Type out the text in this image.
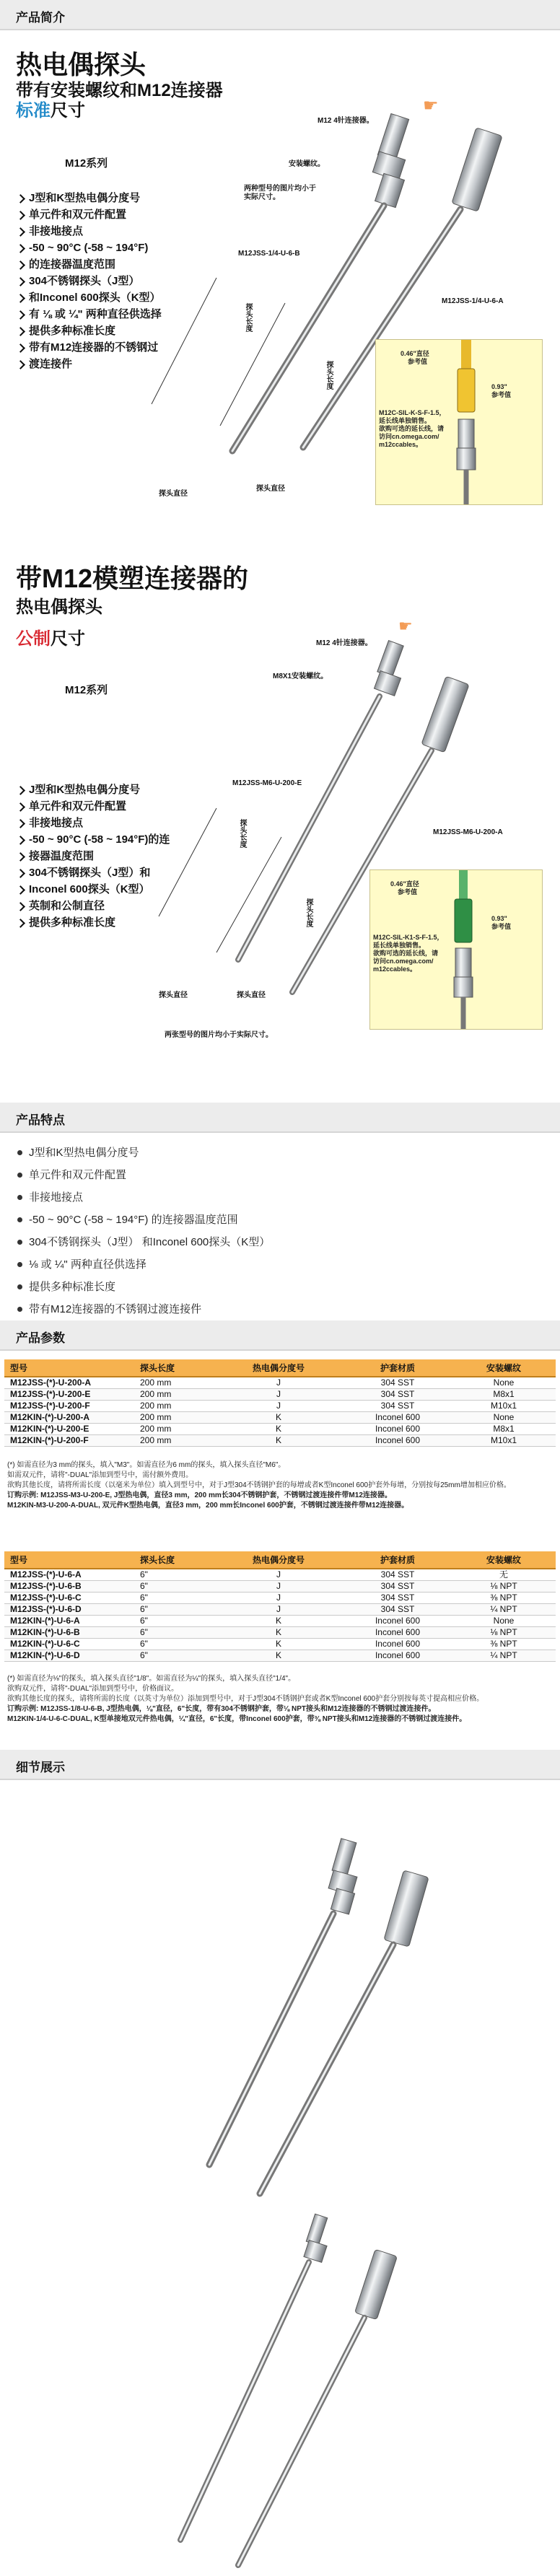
产品简介
热电偶探头
带有安装螺纹和M12连接器
标准尺寸
M12系列
J型和K型热电偶分度号
单元件和双元件配置
非接地接点
-50 ~ 90°C (-58 ~ 194°F)
的连接器温度范围
304不锈钢探头（J型）
和Inconel 600探头（K型）
有 ⅛ 或 ¼" 两种直径供选择
提供多种标准长度
带有M12连接器的不锈钢过
渡连接件
☛
M12 4针连接器。
安装螺纹。
两种型号的图片均小于实际尺寸。
M12JSS-1/4-U-6-B
M12JSS-1/4-U-6-A
探头长度
探头长度
探头直径
探头直径
0.46"直径
参考值
0.93"
参考值
M12C-SIL-K-S-F-1.5，
延长线单独销售。
欲购可选的延长线，请
访问cn.omega.com/
m12ccables。
带M12模塑连接器的
热电偶探头
公制尺寸
M12系列
J型和K型热电偶分度号
单元件和双元件配置
非接地接点
-50 ~ 90°C (-58 ~ 194°F)的连
接器温度范围
304不锈钢探头（J型）和
Inconel 600探头（K型）
英制和公制直径
提供多种标准长度
☛
M12 4针连接器。
M8X1安装螺纹。
M12JSS-M6-U-200-E
M12JSS-M6-U-200-A
探头长度
探头长度
探头直径	探头直径
两张型号的图片均小于实际尺寸。
0.46"直径
参考值
0.93"
参考值
M12C-SIL-K1-S-F-1.5，
延长线单独销售。
欲购可选的延长线，请
访问cn.omega.com/
m12ccables。
产品特点
J型和K型热电偶分度号
单元件和双元件配置
非接地接点
-50 ~ 90°C (-58 ~ 194°F) 的连接器温度范围
304不锈钢探头（J型） 和Inconel 600探头（K型）
⅛ 或 ¼" 两种直径供选择
提供多种标准长度
带有M12连接器的不锈钢过渡连接件
产品参数
型号	探头长度	热电偶分度号	护套材质	安装螺纹
M12JSS-(*)-U-200-A	200 mm	J	304 SST	None
M12JSS-(*)-U-200-E	200 mm	J	304 SST	M8x1
M12JSS-(*)-U-200-F	200 mm	J	304 SST	M10x1
M12KIN-(*)-U-200-A	200 mm	K	Inconel 600	None
M12KIN-(*)-U-200-E	200 mm	K	Inconel 600	M8x1
M12KIN-(*)-U-200-F	200 mm	K	Inconel 600	M10x1
(*) 如需直径为3 mm的探头，填入"M3"。如需直径为6 mm的探头，填入探头直径"M6"。
如需双元件，请将"-DUAL"添加到型号中，需付额外费用。
欲购其他长度，请将所需长度（以毫米为单位）填入到型号中，对于J型304不锈钢护套的每增或者K型Inconel 600护套外每增，分别按每25mm增加相应价格。
订购示例: M12JSS-M3-U-200-E, J型热电偶，直径3 mm，200 mm长304不锈钢护套，不锈钢过渡连接件带M12连接器。
M12KIN-M3-U-200-A-DUAL, 双元件K型热电偶，直径3 mm，200 mm长Inconel 600护套，不锈钢过渡连接件带M12连接器。
型号	探头长度	热电偶分度号	护套材质	安装螺纹
M12JSS-(*)-U-6-A	6"	J	304 SST	无
M12JSS-(*)-U-6-B	6"	J	304 SST	⅛ NPT
M12JSS-(*)-U-6-C	6"	J	304 SST	⅜ NPT
M12JSS-(*)-U-6-D	6"	J	304 SST	¼ NPT
M12KIN-(*)-U-6-A	6"	K	Inconel 600	None
M12KIN-(*)-U-6-B	6"	K	Inconel 600	⅛ NPT
M12KIN-(*)-U-6-C	6"	K	Inconel 600	⅜ NPT
M12KIN-(*)-U-6-D	6"	K	Inconel 600	¼ NPT
(*) 如需直径为⅛"的探头，填入探头直径"1/8"。如需直径为¼"的探头，填入探头直径"1/4"。
欲购双元件，请将"-DUAL"添加到型号中，价格面议。
欲购其他长度的探头，请将所需的长度（以英寸为单位）添加到型号中，对于J型304不锈钢护套或者K型Inconel 600护套分别按每英寸提高相应价格。
订购示例: M12JSS-1/8-U-6-B, J型热电偶，⅛"直径，6"长度，带有304不锈钢护套，带⅛ NPT接头和M12连接器的不锈钢过渡连接件。
M12KIN-1/4-U-6-C-DUAL, K型单接地双元件热电偶，¼"直径，6"长度，带Inconel 600护套，带⅜ NPT接头和M12连接器的不锈钢过渡连接件。
细节展示
